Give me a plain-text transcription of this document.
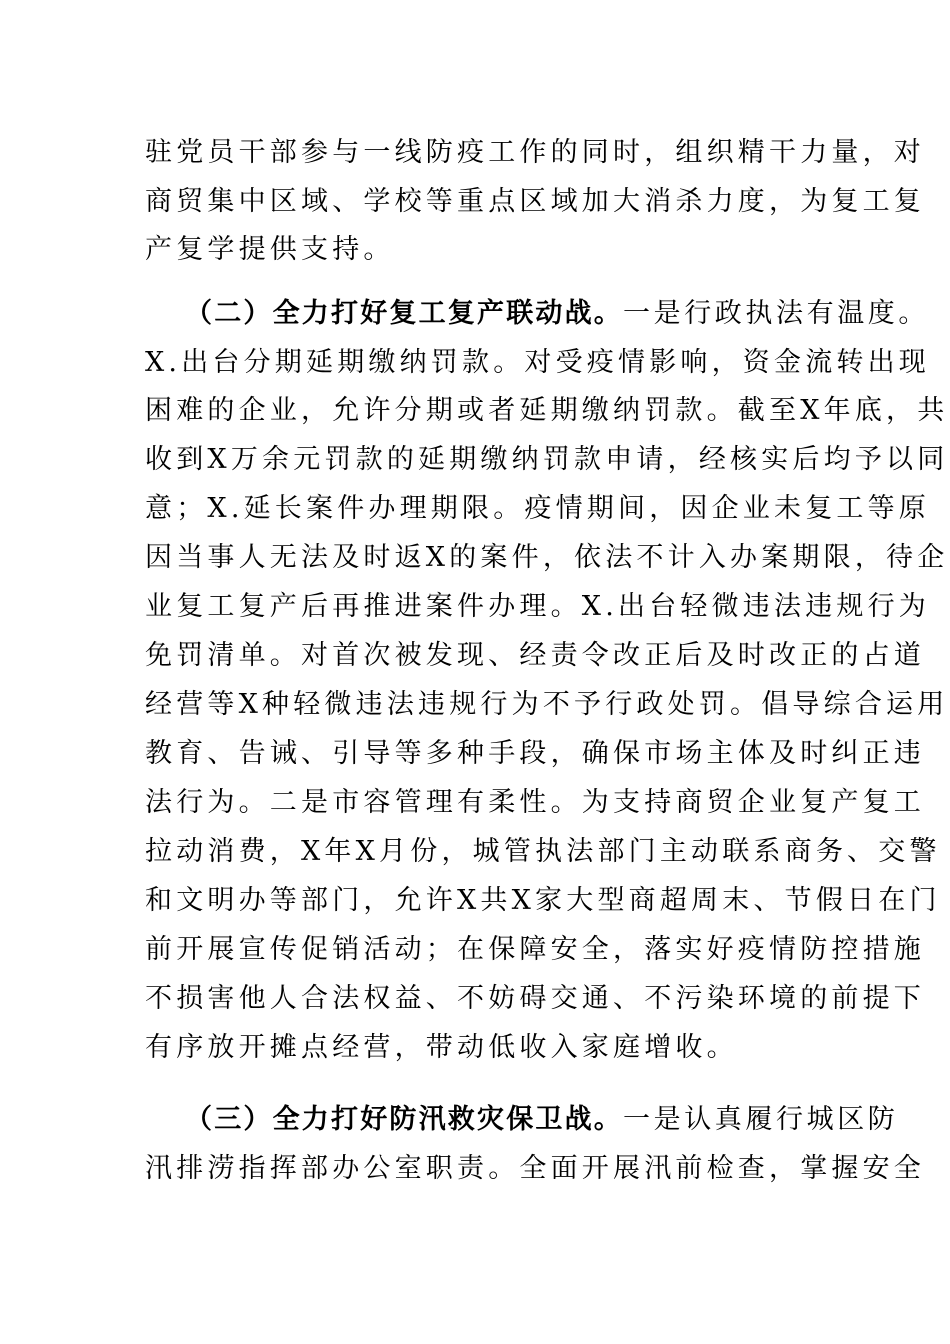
驻党员干部参与一线防疫工作的同时，组织精干力量，对
商贸集中区域、学校等重点区域加大消杀力度，为复工复
产复学提供支持。
（二）全力打好复工复产联动战。一是行政执法有温度。
X.出台分期延期缴纳罚款。对受疫情影响，资金流转出现
困难的企业，允许分期或者延期缴纳罚款。截至X年底，共
收到X万余元罚款的延期缴纳罚款申请，经核实后均予以同
意；X.延长案件办理期限。疫情期间，因企业未复工等原
因当事人无法及时返X的案件，依法不计入办案期限，待企
业复工复产后再推进案件办理。X.出台轻微违法违规行为
免罚清单。对首次被发现、经责令改正后及时改正的占道
经营等X种轻微违法违规行为不予行政处罚。倡导综合运用
教育、告诫、引导等多种手段，确保市场主体及时纠正违
法行为。二是市容管理有柔性。为支持商贸企业复产复工
拉动消费，X年X月份，城管执法部门主动联系商务、交警
和文明办等部门，允许X共X家大型商超周末、节假日在门
前开展宣传促销活动；在保障安全，落实好疫情防控措施
不损害他人合法权益、不妨碍交通、不污染环境的前提下
有序放开摊点经营，带动低收入家庭增收。
（三）全力打好防汛救灾保卫战。一是认真履行城区防
汛排涝指挥部办公室职责。全面开展汛前检查，掌握安全
